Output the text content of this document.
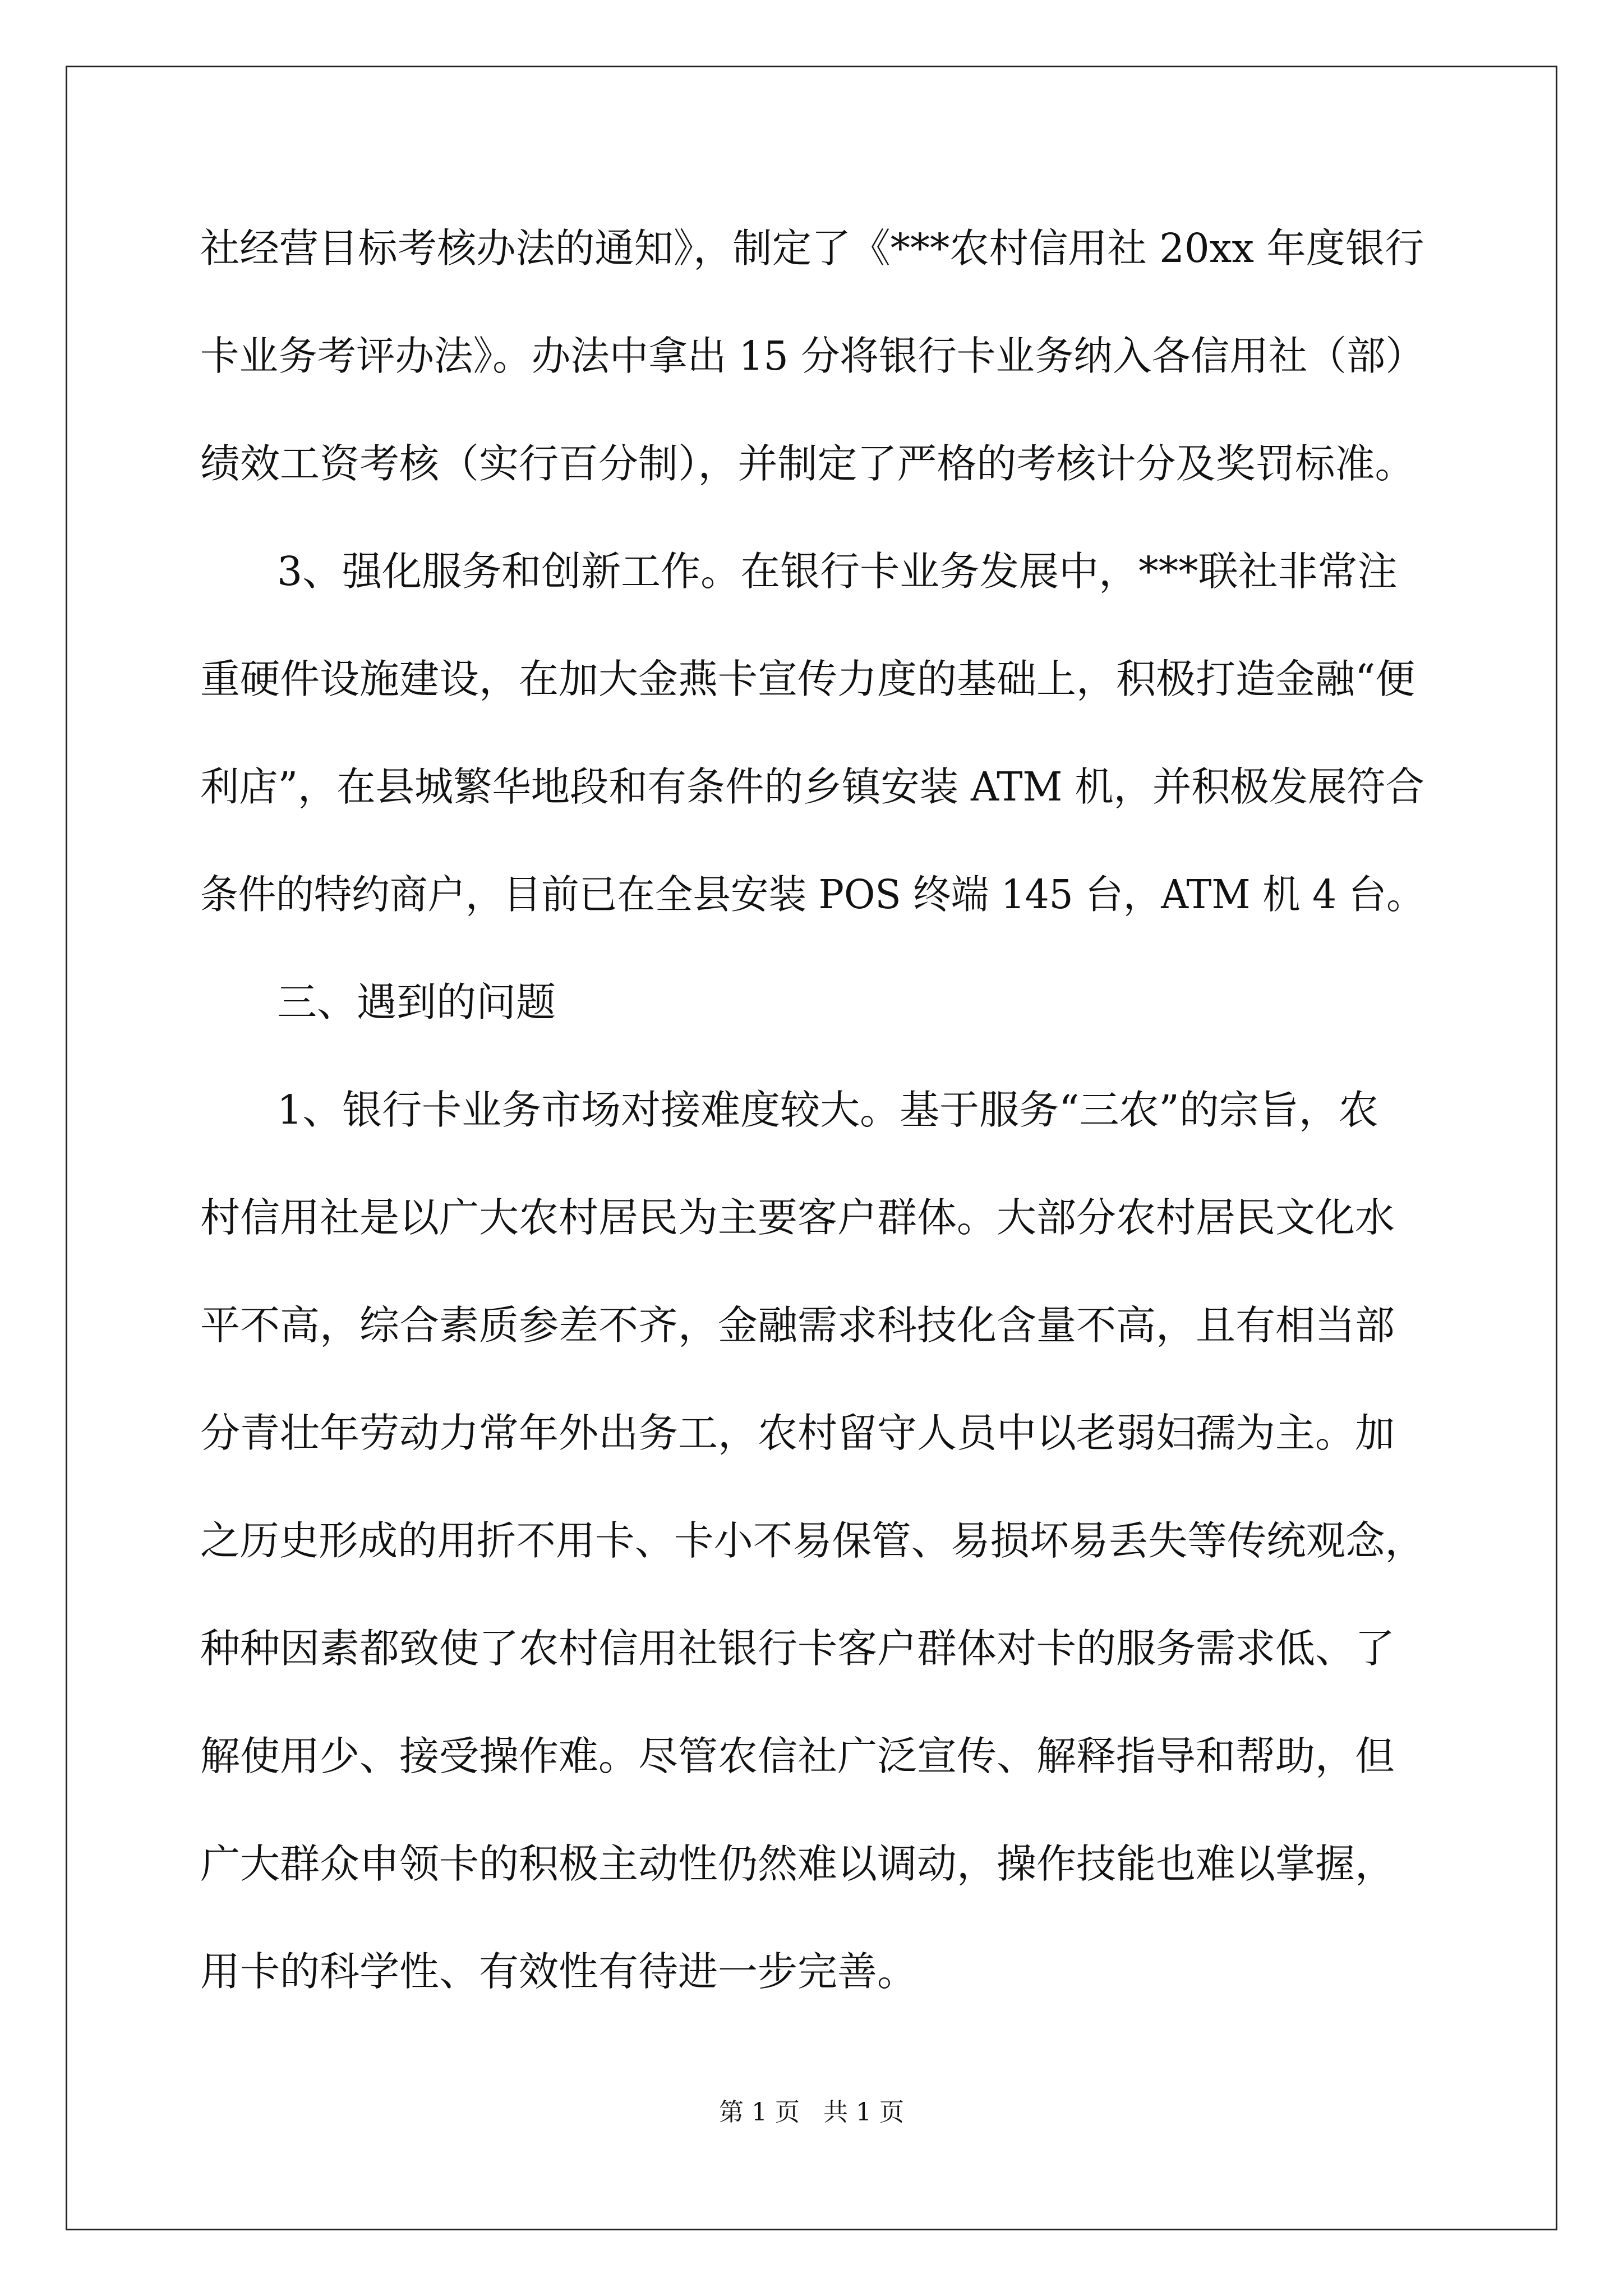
社经营目标考核办法的通知》，制定了《***农村信用社 20xx 年度银行

卡业务考评办法》。办法中拿出 15 分将银行卡业务纳入各信用社（部）

绩效工资考核（实行百分制），并制定了严格的考核计分及奖罚标准。

3、强化服务和创新工作。在银行卡业务发展中，***联社非常注

重硬件设施建设，在加大金燕卡宣传力度的基础上，积极打造金融“便

利店”，在县城繁华地段和有条件的乡镇安装 ATM 机，并积极发展符合

条件的特约商户，目前已在全县安装 POS 终端 145 台，ATM 机 4 台。

三、遇到的问题

1、银行卡业务市场对接难度较大。基于服务“三农”的宗旨，农

村信用社是以广大农村居民为主要客户群体。大部分农村居民文化水

平不高，综合素质参差不齐，金融需求科技化含量不高，且有相当部

分青壮年劳动力常年外出务工，农村留守人员中以老弱妇孺为主。加

之历史形成的用折不用卡、卡小不易保管、易损坏易丢失等传统观念，

种种因素都致使了农村信用社银行卡客户群体对卡的服务需求低、了

解使用少、接受操作难。尽管农信社广泛宣传、解释指导和帮助，但

广大群众申领卡的积极主动性仍然难以调动，操作技能也难以掌握，

用卡的科学性、有效性有待进一步完善。

第 1 页   共 1 页
